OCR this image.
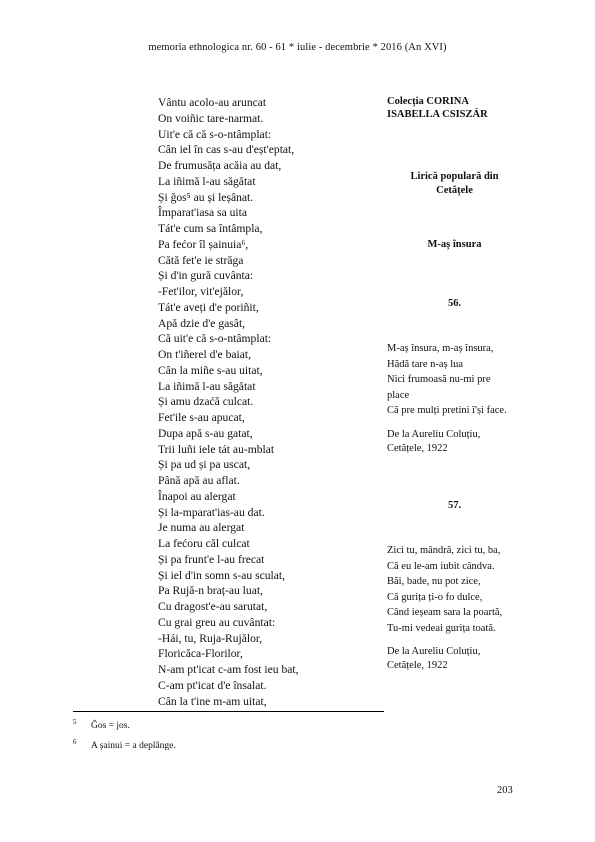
memoria ethnologica nr. 60 - 61 * iulie - decembrie * 2016 (An XVI)
Vântu acolo-au aruncat
On voiñic tare-narmat.
Uit'e că că s-o-ntâmplat:
Cân iel în cas s-au d'eșt'eptat,
De frumusăța acăia au dat,
La iñimă l-au săgătat
Și ğos⁵ au și leșânat.
Împarat'iasa sa uita
Tát'e cum sa întâmpla,
Pa fećor îl șainuia⁶,
Cătă fet'e ie străga
Și d'in gură cuvânta:
-Fet'ilor, vit'ejălor,
Tát'e aveți d'e poriñit,
Apă dzie d'e gasât,
Că uit'e că s-o-ntâmplat:
On t'iñerel d'e baiat,
Cân la miñe s-au uitat,
La iñimă l-au săgătat
Și amu dzaćă culcat.
Fet'ile s-au apucat,
Dupa apă s-au gatat,
Trii luñi iele tát au-mblat
Și pa ud și pa uscat,
Până apă au aflat.
Înapoi au alergat
Și la-mparat'ias-au dat.
Je numa au alergat
La fećoru căl culcat
Și pa frunt'e l-au frecat
Și iel d'in somn s-au sculat,
Pa Rujă-n braț-au luat,
Cu dragost'e-au sarutat,
Cu grai greu au cuvântat:
-Hái, tu, Ruja-Rujălor,
Floricăca-Florilor,
N-am pt'icat c-am fost ieu bat,
C-am pt'icat d'e însalat.
Cân la t'ine m-am uitat,
Colecția CORINA
ISABELLA CSISZÁR
Lirică populară din
Cetățele
M-aș însura
56.
M-aș însura, m-aș însura,
Hădă tare n-aș lua
Nici frumoasă nu-mi pre
place
Că pre mulți pretini î'și face.
De la Aureliu Coluțiu,
Cetățele, 1922
57.
Zici tu, mândră, zici tu, ba,
Că eu le-am iubit cândva.
Băi, bade, nu pot zice,
Că gurița ți-o fo dulce,
Când ieșeam sara la poartă,
Tu-mi vedeai gurița toată.
De la Aureliu Coluțiu,
Cetățele, 1922
5 Ğos = jos.
6 A șainui = a deplânge.
203
